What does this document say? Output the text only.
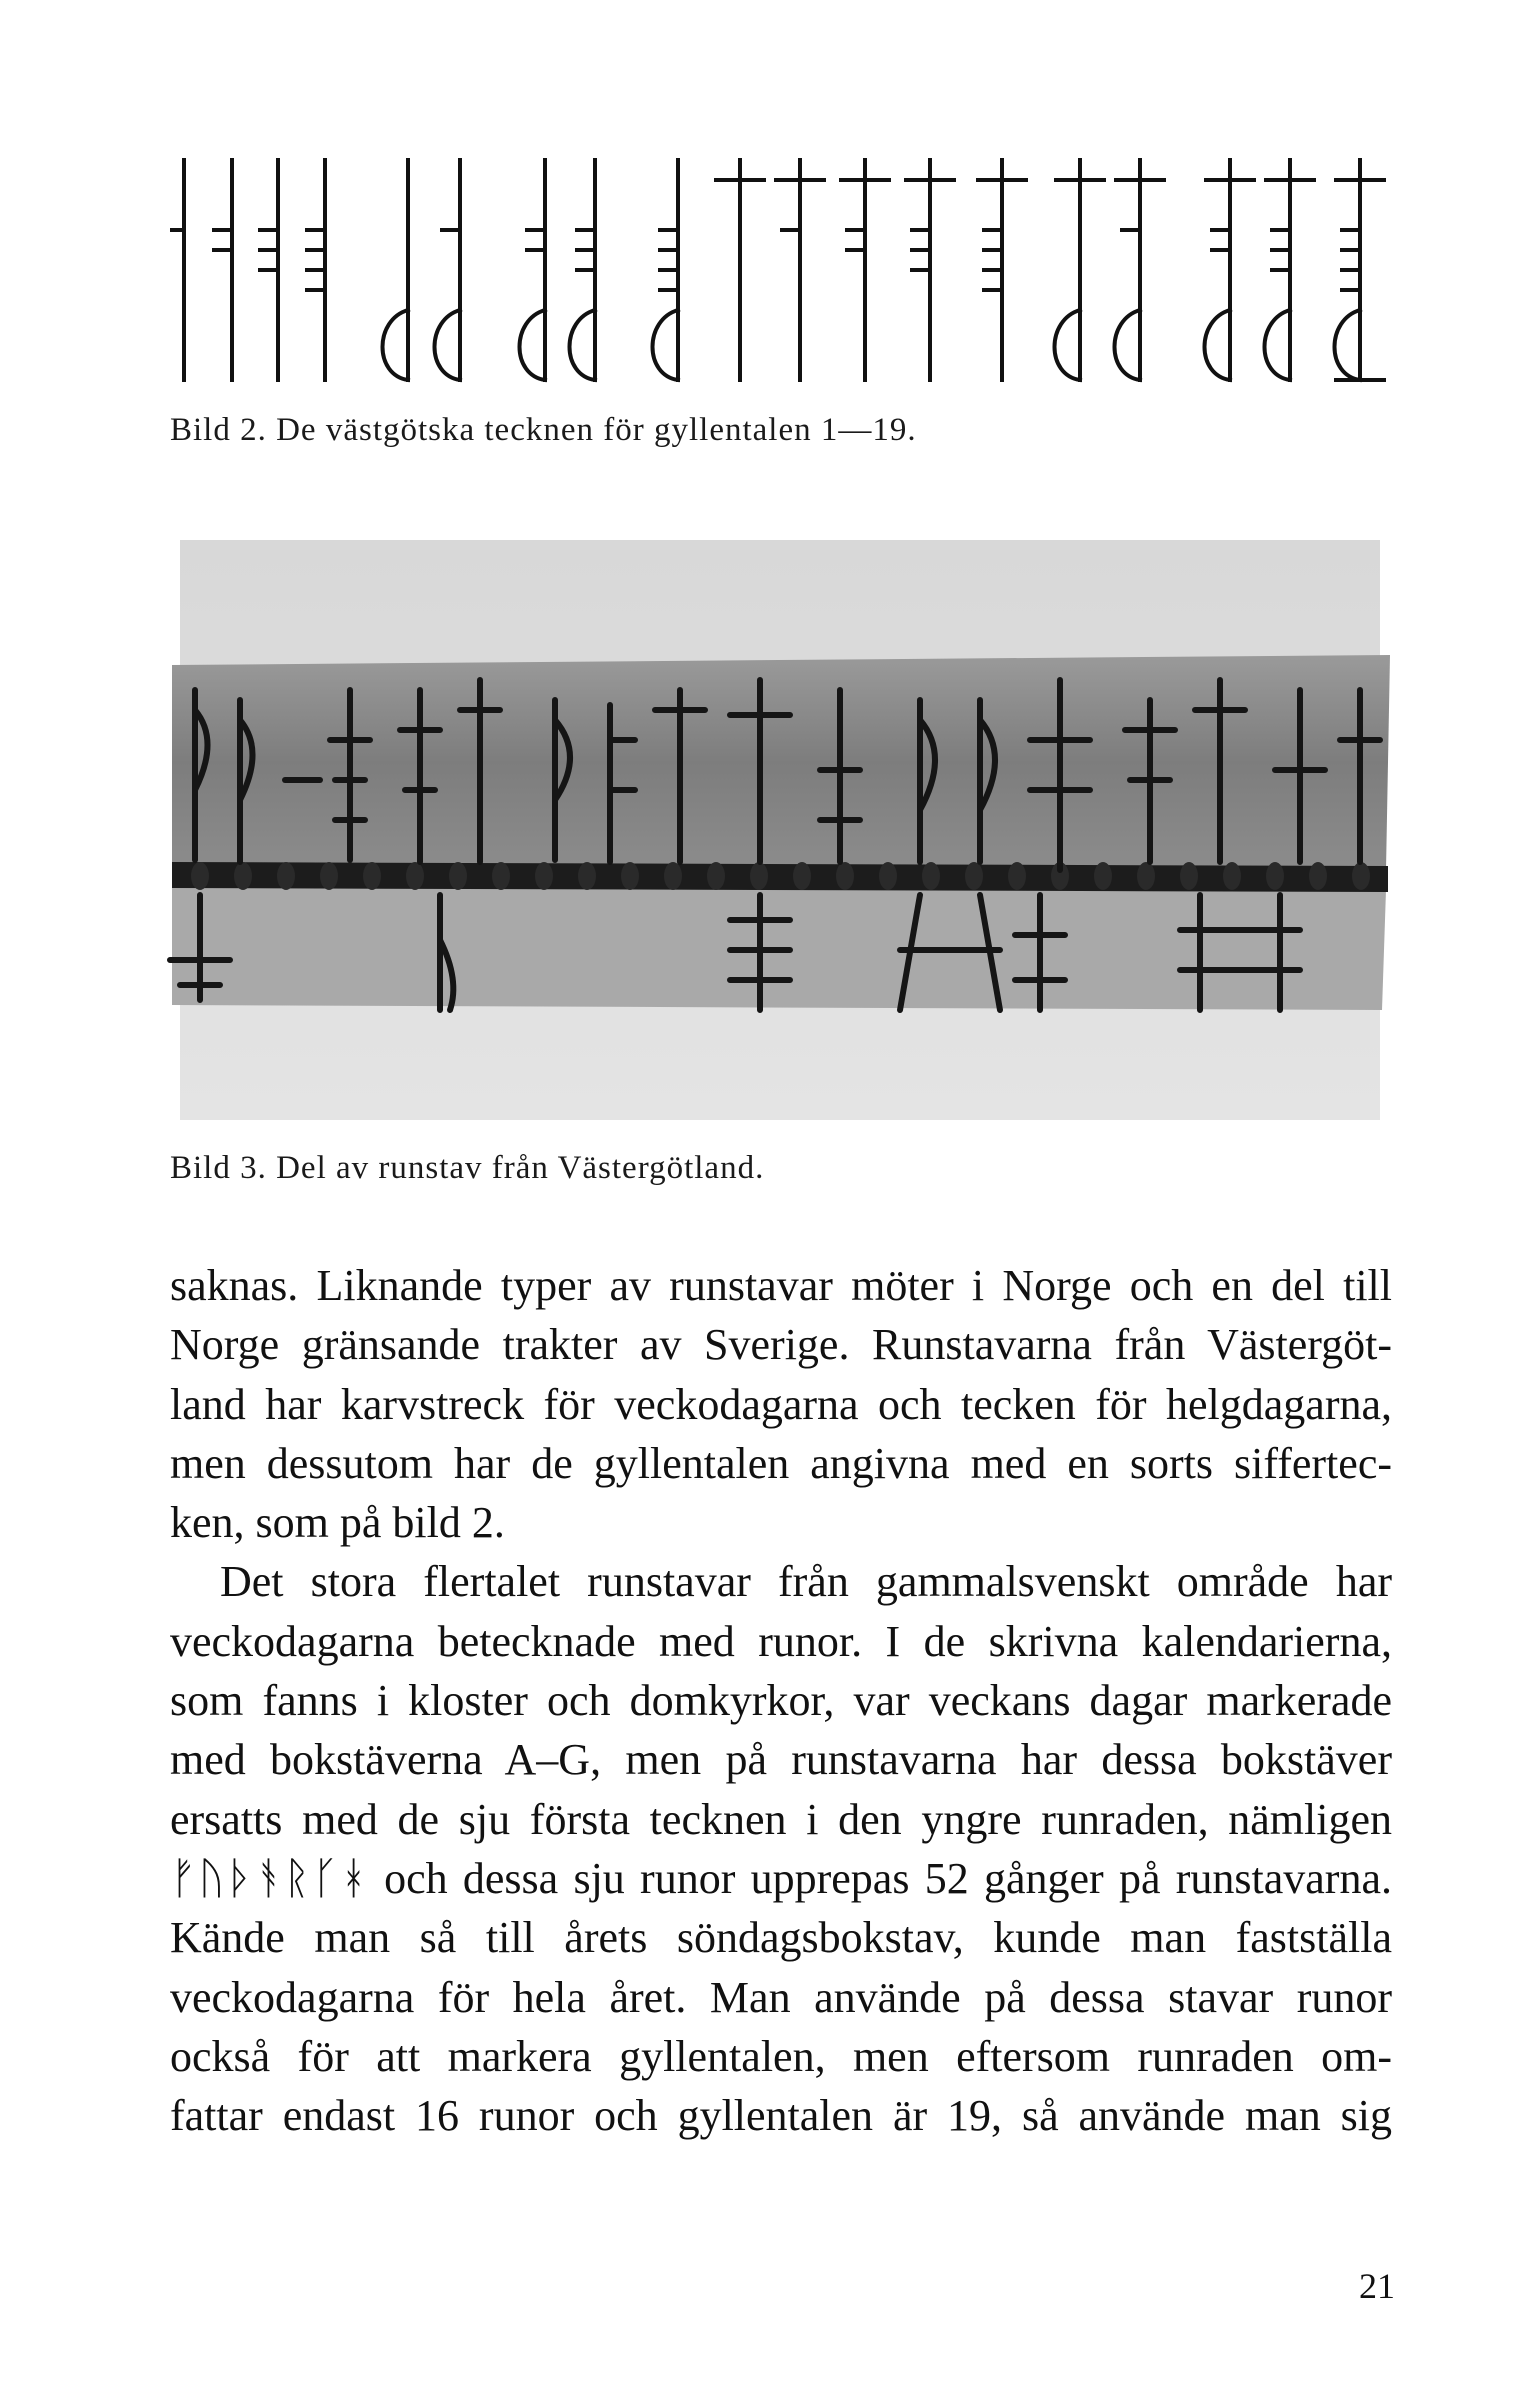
Bild 2. De västgötska tecknen för gyllentalen 1—19.
Bild 3. Del av runstav från Västergötland.
saknas. Liknande typer av runstavar möter i Norge och en del till
Norge gränsande trakter av Sverige. Runstavarna från Västergöt-
land har karvstreck för veckodagarna och tecken för helgdagarna,
men dessutom har de gyllentalen angivna med en sorts siffertec-
ken, som på bild 2.
Det stora flertalet runstavar från gammalsvenskt område har
veckodagarna betecknade med runor. I de skrivna kalendarierna,
som fanns i kloster och domkyrkor, var veckans dagar markerade
med bokstäverna A–G, men på runstavarna har dessa bokstäver
ersatts med de sju första tecknen i den yngre runraden, nämligen
ᚠᚢᚦᚬᚱᚴᚼ och dessa sju runor upprepas 52 gånger på runstavarna.
Kände man så till årets söndagsbokstav, kunde man fastställa
veckodagarna för hela året. Man använde på dessa stavar runor
också för att markera gyllentalen, men eftersom runraden om-
fattar endast 16 runor och gyllentalen är 19, så använde man sig
21
